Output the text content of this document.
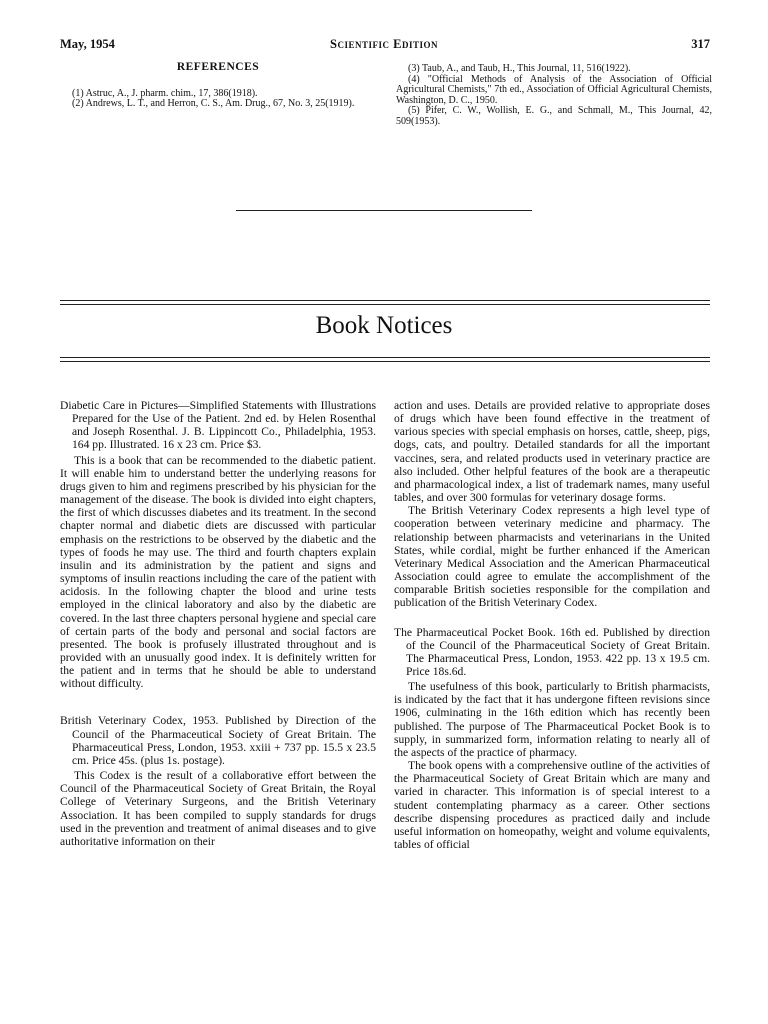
May, 1954	Scientific Edition	317
REFERENCES
(1) Astruc, A., J. pharm. chim., 17, 386(1918).
(2) Andrews, L. T., and Herron, C. S., Am. Drug., 67, No. 3, 25(1919).
(3) Taub, A., and Taub, H., This Journal, 11, 516(1922).
(4) "Official Methods of Analysis of the Association of Official Agricultural Chemists," 7th ed., Association of Official Agricultural Chemists, Washington, D. C., 1950.
(5) Pifer, C. W., Wollish, E. G., and Schmall, M., This Journal, 42, 509(1953).
Book Notices
Diabetic Care in Pictures—Simplified Statements with Illustrations Prepared for the Use of the Patient. 2nd ed. by Helen Rosenthal and Joseph Rosenthal. J. B. Lippincott Co., Philadelphia, 1953. 164 pp. Illustrated. 16 x 23 cm. Price $3.
This is a book that can be recommended to the diabetic patient. It will enable him to understand better the underlying reasons for drugs given to him and regimens prescribed by his physician for the management of the disease. The book is divided into eight chapters, the first of which discusses diabetes and its treatment. In the second chapter normal and diabetic diets are discussed with particular emphasis on the restrictions to be observed by the diabetic and the types of foods he may use. The third and fourth chapters explain insulin and its administration by the patient and signs and symptoms of insulin reactions including the care of the patient with acidosis. In the following chapter the blood and urine tests employed in the clinical laboratory and also by the diabetic are covered. In the last three chapters personal hygiene and special care of certain parts of the body and personal and social factors are presented. The book is profusely illustrated throughout and is provided with an unusually good index. It is definitely written for the patient and in terms that he should be able to understand without difficulty.
British Veterinary Codex, 1953. Published by Direction of the Council of the Pharmaceutical Society of Great Britain. The Pharmaceutical Press, London, 1953. xxiii + 737 pp. 15.5 x 23.5 cm. Price 45s. (plus 1s. postage).
This Codex is the result of a collaborative effort between the Council of the Pharmaceutical Society of Great Britain, the Royal College of Veterinary Surgeons, and the British Veterinary Association. It has been compiled to supply standards for drugs used in the prevention and treatment of animal diseases and to give authoritative information on their
action and uses. Details are provided relative to appropriate doses of drugs which have been found effective in the treatment of various species with special emphasis on horses, cattle, sheep, pigs, dogs, cats, and poultry. Detailed standards for all the important vaccines, sera, and related products used in veterinary practice are also included. Other helpful features of the book are a therapeutic and pharmacological index, a list of trademark names, many useful tables, and over 300 formulas for veterinary dosage forms.
The British Veterinary Codex represents a high level type of cooperation between veterinary medicine and pharmacy. The relationship between pharmacists and veterinarians in the United States, while cordial, might be further enhanced if the American Veterinary Medical Association and the American Pharmaceutical Association could agree to emulate the accomplishment of the comparable British societies responsible for the compilation and publication of the British Veterinary Codex.
The Pharmaceutical Pocket Book. 16th ed. Published by direction of the Council of the Pharmaceutical Society of Great Britain. The Pharmaceutical Press, London, 1953. 422 pp. 13 x 19.5 cm. Price 18s.6d.
The usefulness of this book, particularly to British pharmacists, is indicated by the fact that it has undergone fifteen revisions since 1906, culminating in the 16th edition which has recently been published. The purpose of The Pharmaceutical Pocket Book is to supply, in summarized form, information relating to nearly all of the aspects of the practice of pharmacy.
The book opens with a comprehensive outline of the activities of the Pharmaceutical Society of Great Britain which are many and varied in character. This information is of special interest to a student contemplating pharmacy as a career. Other sections describe dispensing procedures as practiced daily and include useful information on homeopathy, weight and volume equivalents, tables of official
